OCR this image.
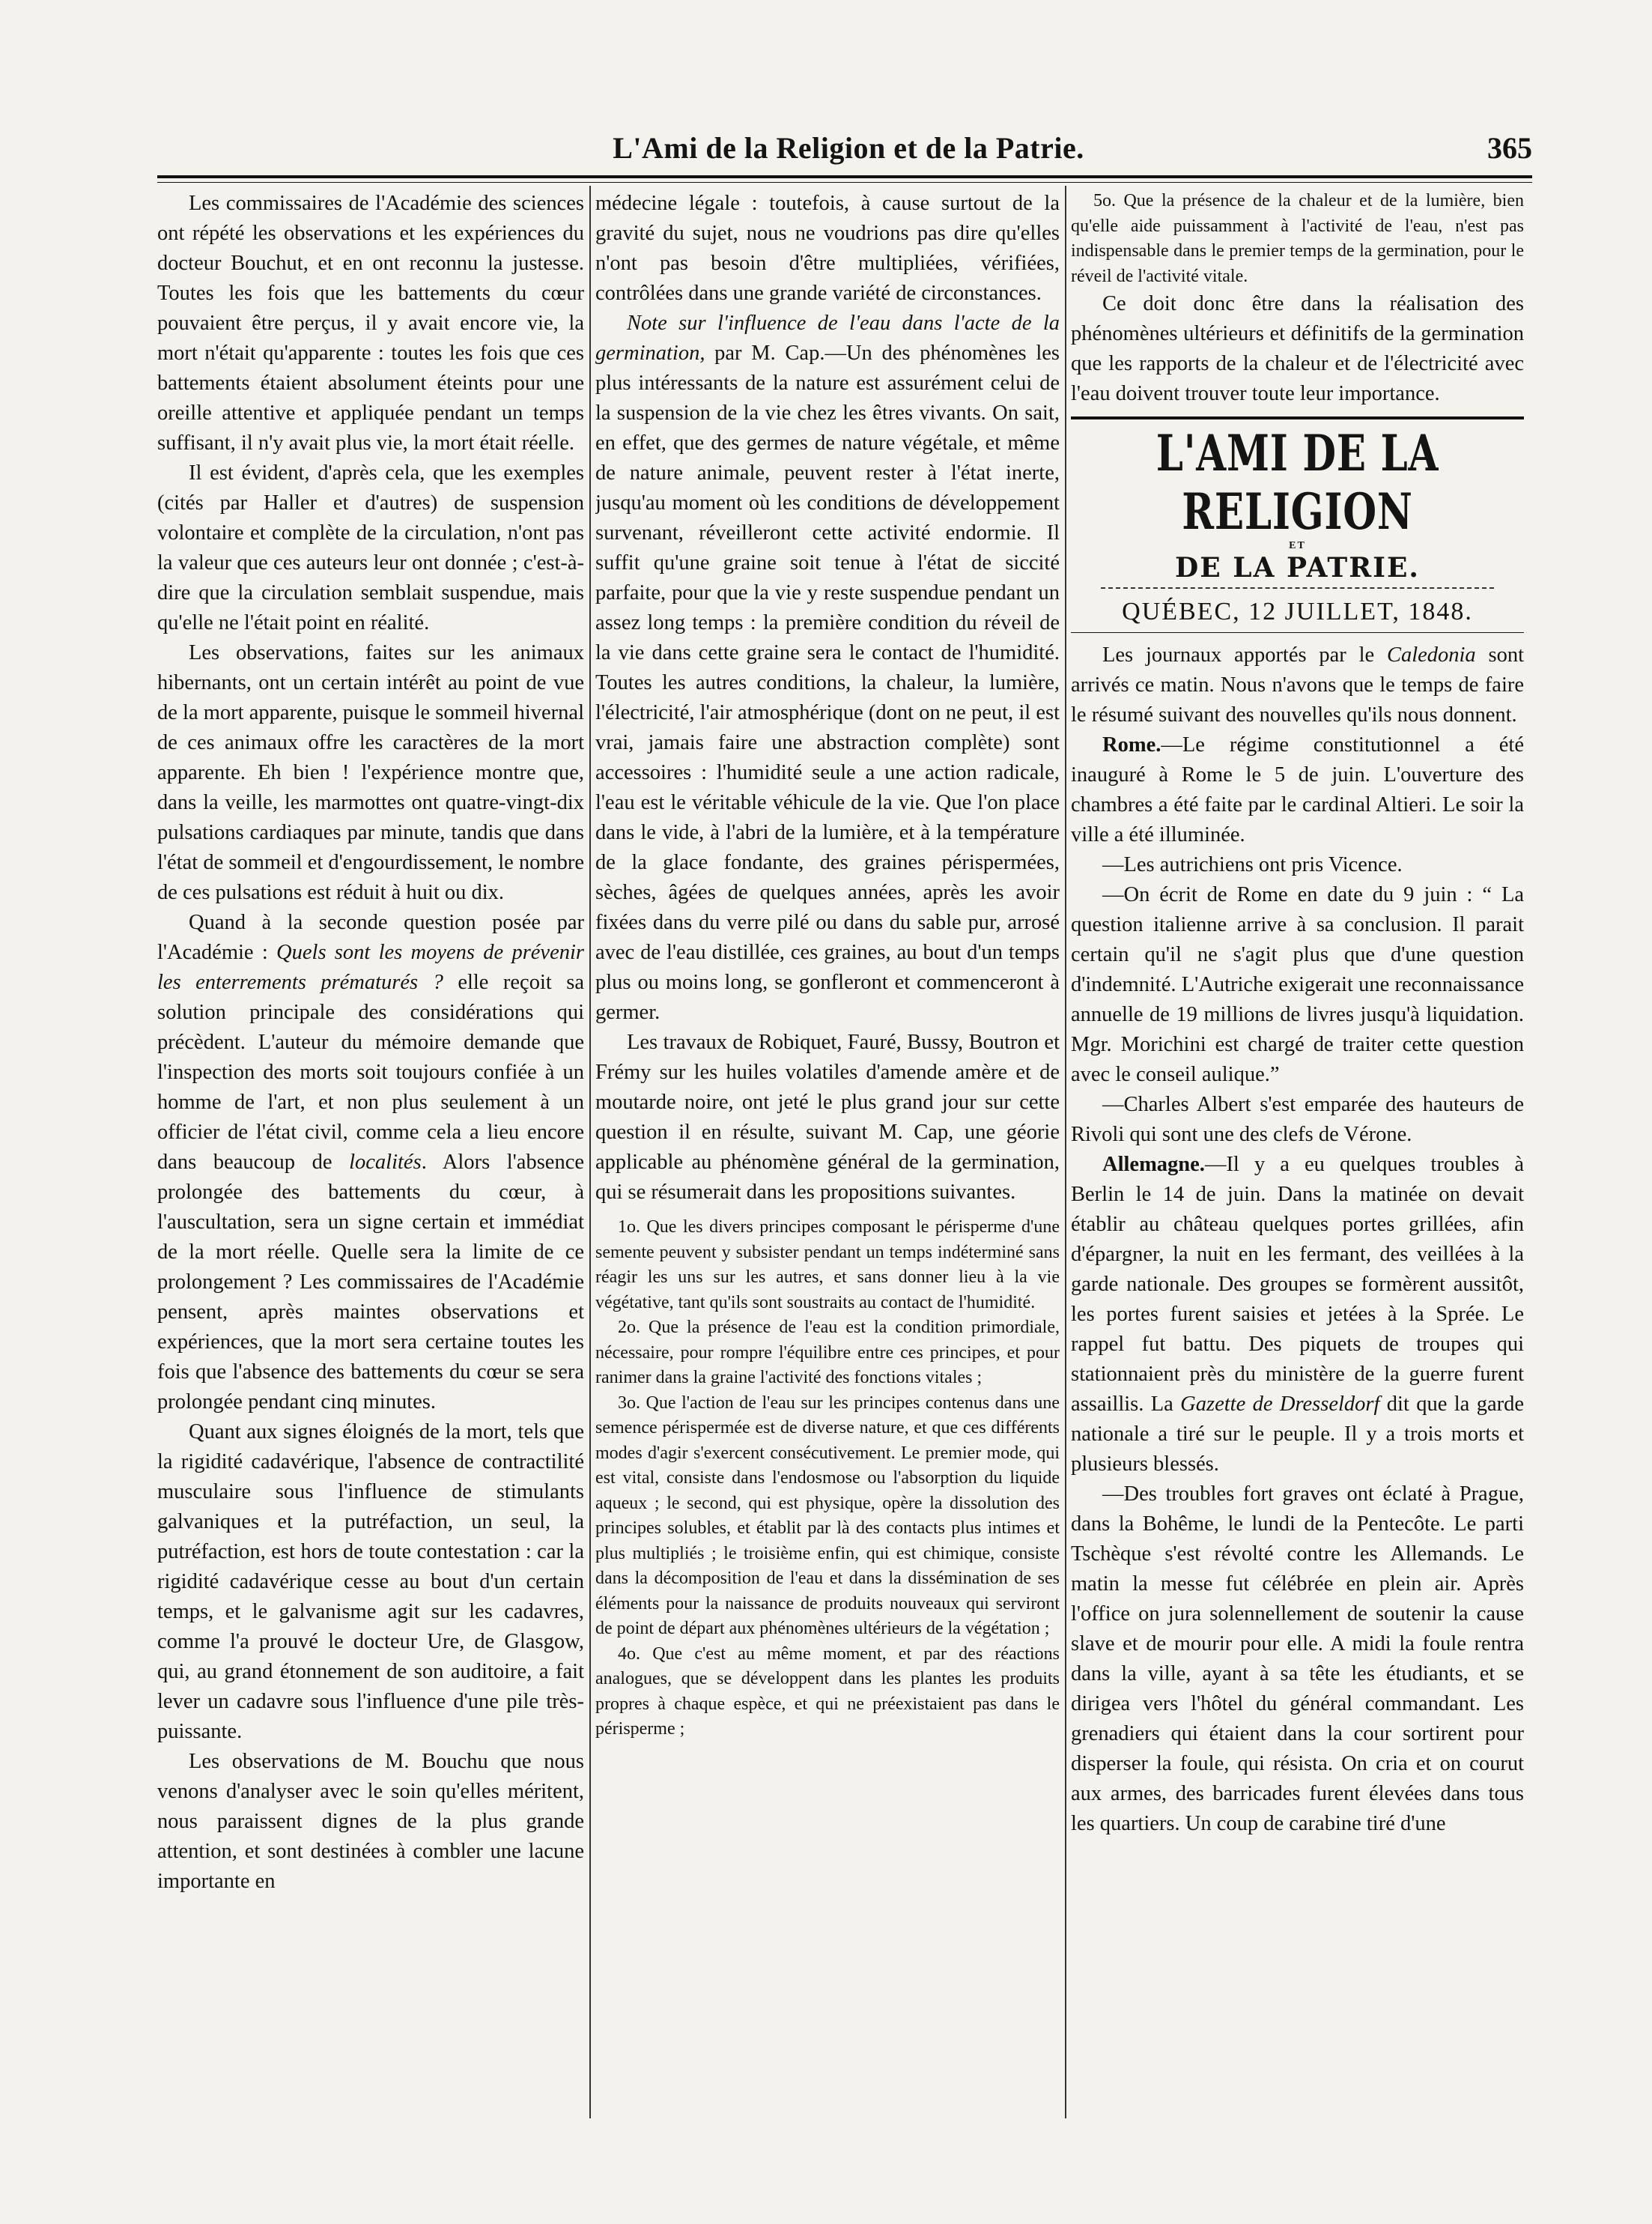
L'Ami de la Religion et de la Patrie.	365

Les commissaires de l'Académie des sciences ont répété les observations et les expériences du docteur Bouchut, et en ont reconnu la justesse. Toutes les fois que les battements du cœur pouvaient être perçus, il y avait encore vie, la mort n'était qu'apparente : toutes les fois que ces battements étaient absolument éteints pour une oreille attentive et appliquée pendant un temps suffisant, il n'y avait plus vie, la mort était réelle.

Il est évident, d'après cela, que les exemples (cités par Haller et d'autres) de suspension volontaire et complète de la circulation, n'ont pas la valeur que ces auteurs leur ont donnée ; c'est-à-dire que la circulation semblait suspendue, mais qu'elle ne l'était point en réalité.

Les observations, faites sur les animaux hibernants, ont un certain intérêt au point de vue de la mort apparente, puisque le sommeil hivernal de ces animaux offre les caractères de la mort apparente. Eh bien ! l'expérience montre que, dans la veille, les marmottes ont quatre-vingt-dix pulsations cardiaques par minute, tandis que dans l'état de sommeil et d'engourdissement, le nombre de ces pulsations est réduit à huit ou dix.

Quand à la seconde question posée par l'Académie : Quels sont les moyens de prévenir les enterrements prématurés ? elle reçoit sa solution principale des considérations qui précèdent. L'auteur du mémoire demande que l'inspection des morts soit toujours confiée à un homme de l'art, et non plus seulement à un officier de l'état civil, comme cela a lieu encore dans beaucoup de localités. Alors l'absence prolongée des battements du cœur, à l'auscultation, sera un signe certain et immédiat de la mort réelle. Quelle sera la limite de ce prolongement ? Les commissaires de l'Académie pensent, après maintes observations et expériences, que la mort sera certaine toutes les fois que l'absence des battements du cœur se sera prolongée pendant cinq minutes.

Quant aux signes éloignés de la mort, tels que la rigidité cadavérique, l'absence de contractilité musculaire sous l'influence de stimulants galvaniques et la putréfaction, un seul, la putréfaction, est hors de toute contestation : car la rigidité cadavérique cesse au bout d'un certain temps, et le galvanisme agit sur les cadavres, comme l'a prouvé le docteur Ure, de Glasgow, qui, au grand étonnement de son auditoire, a fait lever un cadavre sous l'influence d'une pile très-puissante.

Les observations de M. Bouchu que nous venons d'analyser avec le soin qu'elles méritent, nous paraissent dignes de la plus grande attention, et sont destinées à combler une lacune importante en

médecine légale : toutefois, à cause surtout de la gravité du sujet, nous ne voudrions pas dire qu'elles n'ont pas besoin d'être multipliées, vérifiées, contrôlées dans une grande variété de circonstances.

Note sur l'influence de l'eau dans l'acte de la germination, par M. Cap.—Un des phénomènes les plus intéressants de la nature est assurément celui de la suspension de la vie chez les êtres vivants. On sait, en effet, que des germes de nature végétale, et même de nature animale, peuvent rester à l'état inerte, jusqu'au moment où les conditions de développement survenant, réveilleront cette activité endormie. Il suffit qu'une graine soit tenue à l'état de siccité parfaite, pour que la vie y reste suspendue pendant un assez long temps : la première condition du réveil de la vie dans cette graine sera le contact de l'humidité. Toutes les autres conditions, la chaleur, la lumière, l'électricité, l'air atmosphérique (dont on ne peut, il est vrai, jamais faire une abstraction complète) sont accessoires : l'humidité seule a une action radicale, l'eau est le véritable véhicule de la vie. Que l'on place dans le vide, à l'abri de la lumière, et à la température de la glace fondante, des graines périspermées, sèches, âgées de quelques années, après les avoir fixées dans du verre pilé ou dans du sable pur, arrosé avec de l'eau distillée, ces graines, au bout d'un temps plus ou moins long, se gonfleront et commenceront à germer.

Les travaux de Robiquet, Fauré, Bussy, Boutron et Frémy sur les huiles volatiles d'amende amère et de moutarde noire, ont jeté le plus grand jour sur cette question il en résulte, suivant M. Cap, une géorie applicable au phénomène général de la germination, qui se résumerait dans les propositions suivantes.

1o. Que les divers principes composant le périsperme d'une semente peuvent y subsister pendant un temps indéterminé sans réagir les uns sur les autres, et sans donner lieu à la vie végétative, tant qu'ils sont soustraits au contact de l'humidité.

2o. Que la présence de l'eau est la condition primordiale, nécessaire, pour rompre l'équilibre entre ces principes, et pour ranimer dans la graine l'activité des fonctions vitales ;

3o. Que l'action de l'eau sur les principes contenus dans une semence périspermée est de diverse nature, et que ces différents modes d'agir s'exercent consécutivement. Le premier mode, qui est vital, consiste dans l'endosmose ou l'absorption du liquide aqueux ; le second, qui est physique, opère la dissolution des principes solubles, et établit par là des contacts plus intimes et plus multipliés ; le troisième enfin, qui est chimique, consiste dans la décomposition de l'eau et dans la dissémination de ses éléments pour la naissance de produits nouveaux qui serviront de point de départ aux phénomènes ultérieurs de la végétation ;

4o. Que c'est au même moment, et par des réactions analogues, que se développent dans les plantes les produits propres à chaque espèce, et qui ne préexistaient pas dans le périsperme ;

5o. Que la présence de la chaleur et de la lumière, bien qu'elle aide puissamment à l'activité de l'eau, n'est pas indispensable dans le premier temps de la germination, pour le réveil de l'activité vitale.

Ce doit donc être dans la réalisation des phénomènes ultérieurs et définitifs de la germination que les rapports de la chaleur et de l'électricité avec l'eau doivent trouver toute leur importance.

L'AMI DE LA RELIGION
ET
DE LA PATRIE.
QUÉBEC, 12 JUILLET, 1848.

Les journaux apportés par le Caledonia sont arrivés ce matin. Nous n'avons que le temps de faire le résumé suivant des nouvelles qu'ils nous donnent.

Rome.—Le régime constitutionnel a été inauguré à Rome le 5 de juin. L'ouverture des chambres a été faite par le cardinal Altieri. Le soir la ville a été illuminée.

—Les autrichiens ont pris Vicence.

—On écrit de Rome en date du 9 juin : “ La question italienne arrive à sa conclusion. Il parait certain qu'il ne s'agit plus que d'une question d'indemnité. L'Autriche exigerait une reconnaissance annuelle de 19 millions de livres jusqu'à liquidation. Mgr. Morichini est chargé de traiter cette question avec le conseil aulique.”

—Charles Albert s'est emparée des hauteurs de Rivoli qui sont une des clefs de Vérone.

Allemagne.—Il y a eu quelques troubles à Berlin le 14 de juin. Dans la matinée on devait établir au château quelques portes grillées, afin d'épargner, la nuit en les fermant, des veillées à la garde nationale. Des groupes se formèrent aussitôt, les portes furent saisies et jetées à la Sprée. Le rappel fut battu. Des piquets de troupes qui stationnaient près du ministère de la guerre furent assaillis. La Gazette de Dresseldorf dit que la garde nationale a tiré sur le peuple. Il y a trois morts et plusieurs blessés.

—Des troubles fort graves ont éclaté à Prague, dans la Bohême, le lundi de la Pentecôte. Le parti Tschèque s'est révolté contre les Allemands. Le matin la messe fut célébrée en plein air. Après l'office on jura solennellement de soutenir la cause slave et de mourir pour elle. A midi la foule rentra dans la ville, ayant à sa tête les étudiants, et se dirigea vers l'hôtel du général commandant. Les grenadiers qui étaient dans la cour sortirent pour disperser la foule, qui résista. On cria et on courut aux armes, des barricades furent élevées dans tous les quartiers. Un coup de carabine tiré d'une
